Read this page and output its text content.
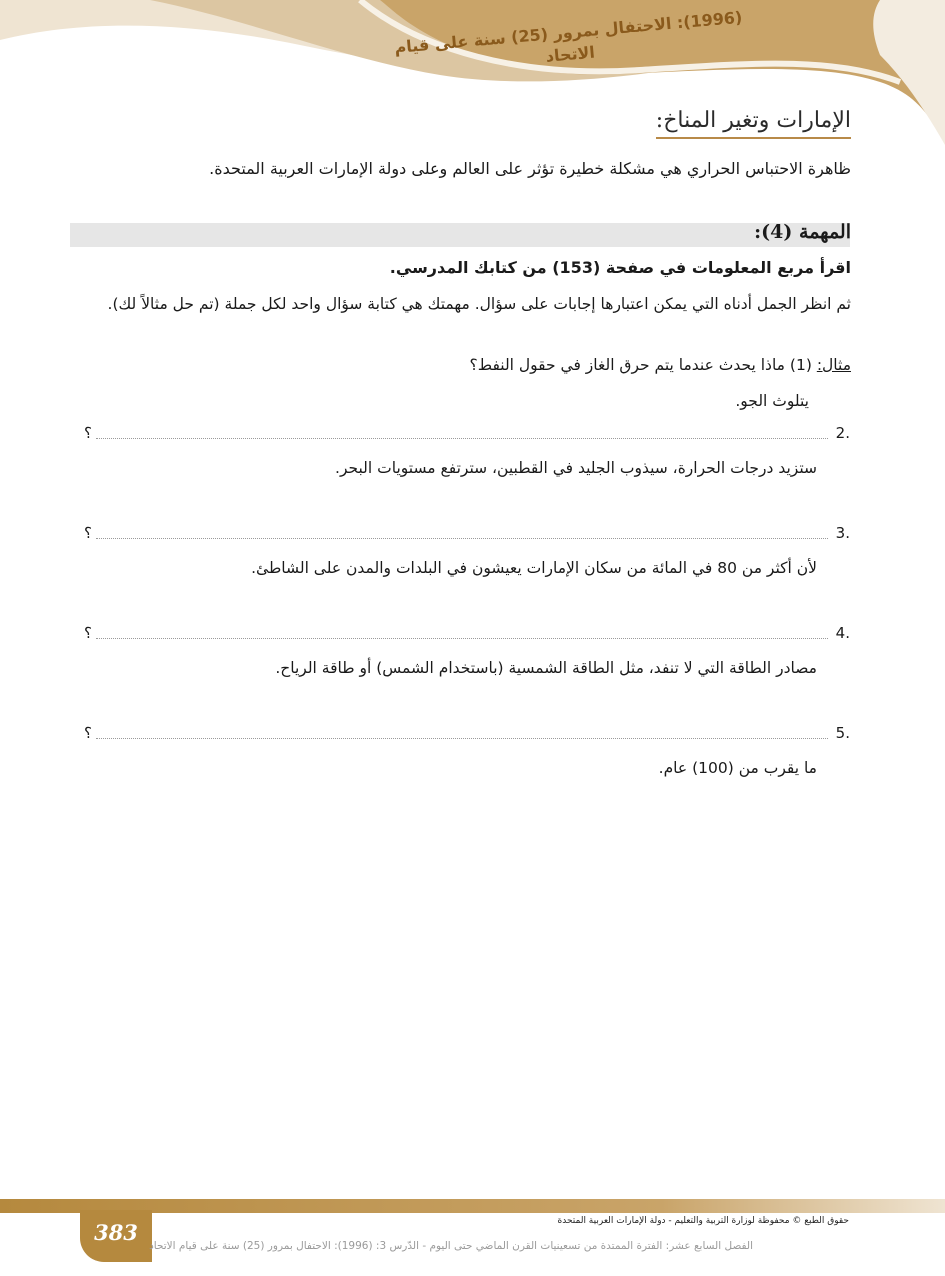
(1996): الاحتفال بمرور (25) سنة على قيام الاتحاد
الإمارات وتغير المناخ:
ظاهرة الاحتباس الحراري هي مشكلة خطيرة تؤثر على العالم وعلى دولة الإمارات العربية المتحدة.
المهمة (4):
اقرأ مربع المعلومات في صفحة (153) من كتابك المدرسي.
ثم انظر الجمل أدناه التي يمكن اعتبارها إجابات على سؤال. مهمتك هي كتابة سؤال واحد لكل جملة (تم حل مثالاً لك).
مثال: (1) ماذا يحدث عندما يتم حرق الغاز في حقول النفط؟
يتلوث الجو.
.2
؟
ستزيد درجات الحرارة، سيذوب الجليد في القطبين، سترتفع مستويات البحر.
.3
؟
لأن أكثر من 80 في المائة من سكان الإمارات يعيشون في البلدات والمدن على الشاطئ.
.4
؟
مصادر الطاقة التي لا تنفد، مثل الطاقة الشمسية (باستخدام الشمس) أو طاقة الرياح.
.5
؟
ما يقرب من (100) عام.
حقوق الطبع © محفوظة لوزارة التربية والتعليم - دولة الإمارات العربية المتحدة
383
الفصل السابع عشر: الفترة الممتدة من تسعينيات القرن الماضي حتى اليوم - الدّرس 3: (1996): الاحتفال بمرور (25) سنة على قيام الاتحاد
